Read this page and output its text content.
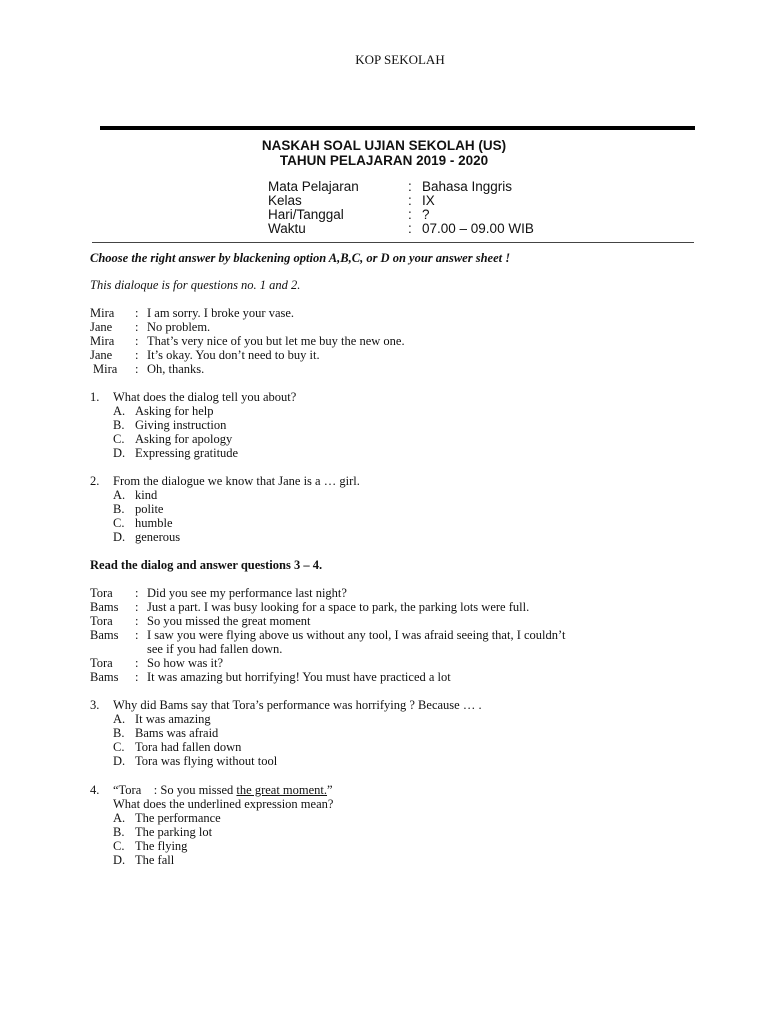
KOP SEKOLAH
NASKAH SOAL UJIAN SEKOLAH (US)
TAHUN PELAJARAN 2019 - 2020
Mata Pelajaran	: Bahasa Inggris
Kelas	: IX
Hari/Tanggal	: ?
Waktu	: 07.00 – 09.00 WIB
Choose the right answer by blackening option A,B,C, or D on your answer sheet !
This dialoque is for questions no. 1 and 2.
Mira : I am sorry. I broke your vase.
Jane : No problem.
Mira : That’s very nice of you but let me buy the new one.
Jane : It’s okay. You don’t need to buy it.
Mira : Oh, thanks.
1. What does the dialog tell you about?
A. Asking for help
B. Giving instruction
C. Asking for apology
D. Expressing gratitude
2. From the dialogue we know that Jane is a … girl.
A. kind
B. polite
C. humble
D. generous
Read the dialog and answer questions 3 – 4.
Tora : Did you see my performance last night?
Bams : Just a part. I was busy looking for a space to park, the parking lots were full.
Tora : So you missed the great moment
Bams : I saw you were flying above us without any tool, I was afraid seeing that, I couldn’t
see if you had fallen down.
Tora : So how was it?
Bams : It was amazing but horrifying! You must have practiced a lot
3. Why did Bams say that Tora’s performance was horrifying ? Because … .
A. It was amazing
B. Bams was afraid
C. Tora had fallen down
D. Tora was flying without tool
4. “Tora    : So you missed the great moment.”
What does the underlined expression mean?
A. The performance
B. The parking lot
C. The flying
D. The fall
